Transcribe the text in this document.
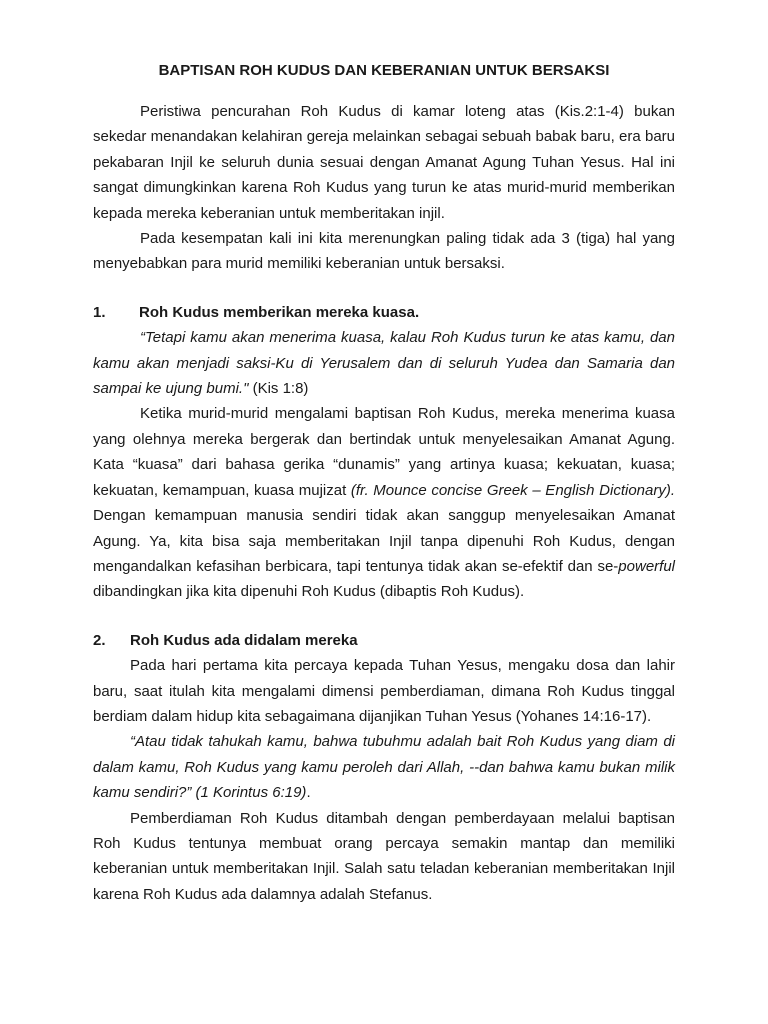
BAPTISAN ROH KUDUS DAN KEBERANIAN UNTUK BERSAKSI

Peristiwa pencurahan Roh Kudus di kamar loteng atas (Kis.2:1-4) bukan sekedar menandakan kelahiran gereja melainkan sebagai sebuah babak baru, era baru pekabaran Injil ke seluruh dunia sesuai dengan Amanat Agung Tuhan Yesus. Hal ini sangat dimungkinkan karena Roh Kudus yang turun ke atas murid-murid memberikan kepada mereka keberanian untuk memberitakan injil.

Pada kesempatan kali ini kita merenungkan paling tidak ada 3 (tiga) hal yang menyebabkan para murid memiliki keberanian untuk bersaksi.

1.	Roh Kudus memberikan mereka kuasa.

“Tetapi kamu akan menerima kuasa, kalau Roh Kudus turun ke atas kamu, dan kamu akan menjadi saksi-Ku di Yerusalem dan di seluruh Yudea dan Samaria dan sampai ke ujung bumi." (Kis 1:8)

Ketika murid-murid mengalami baptisan Roh Kudus, mereka menerima kuasa yang olehnya mereka bergerak dan bertindak untuk menyelesaikan Amanat Agung. Kata “kuasa” dari bahasa gerika “dunamis” yang artinya kuasa; kekuatan, kuasa; kekuatan, kemampuan, kuasa mujizat (fr. Mounce concise Greek – English Dictionary). Dengan kemampuan manusia sendiri tidak akan sanggup menyelesaikan Amanat Agung. Ya, kita bisa saja memberitakan Injil tanpa dipenuhi Roh Kudus, dengan mengandalkan kefasihan berbicara, tapi tentunya tidak akan se-efektif dan se-powerful dibandingkan jika kita dipenuhi Roh Kudus (dibaptis Roh Kudus).

2.	Roh Kudus ada didalam mereka

Pada hari pertama kita percaya kepada Tuhan Yesus, mengaku dosa dan lahir baru, saat itulah kita mengalami dimensi pemberdiaman, dimana Roh Kudus tinggal berdiam dalam hidup kita sebagaimana dijanjikan Tuhan Yesus (Yohanes 14:16-17).

“Atau tidak tahukah kamu, bahwa tubuhmu adalah bait Roh Kudus yang diam di dalam kamu, Roh Kudus yang kamu peroleh dari Allah, --dan bahwa kamu bukan milik kamu sendiri?” (1 Korintus 6:19).

Pemberdiaman Roh Kudus ditambah dengan pemberdayaan melalui baptisan Roh Kudus tentunya membuat orang percaya semakin mantap dan memiliki keberanian untuk memberitakan Injil. Salah satu teladan keberanian memberitakan Injil karena Roh Kudus ada dalamnya adalah Stefanus.
